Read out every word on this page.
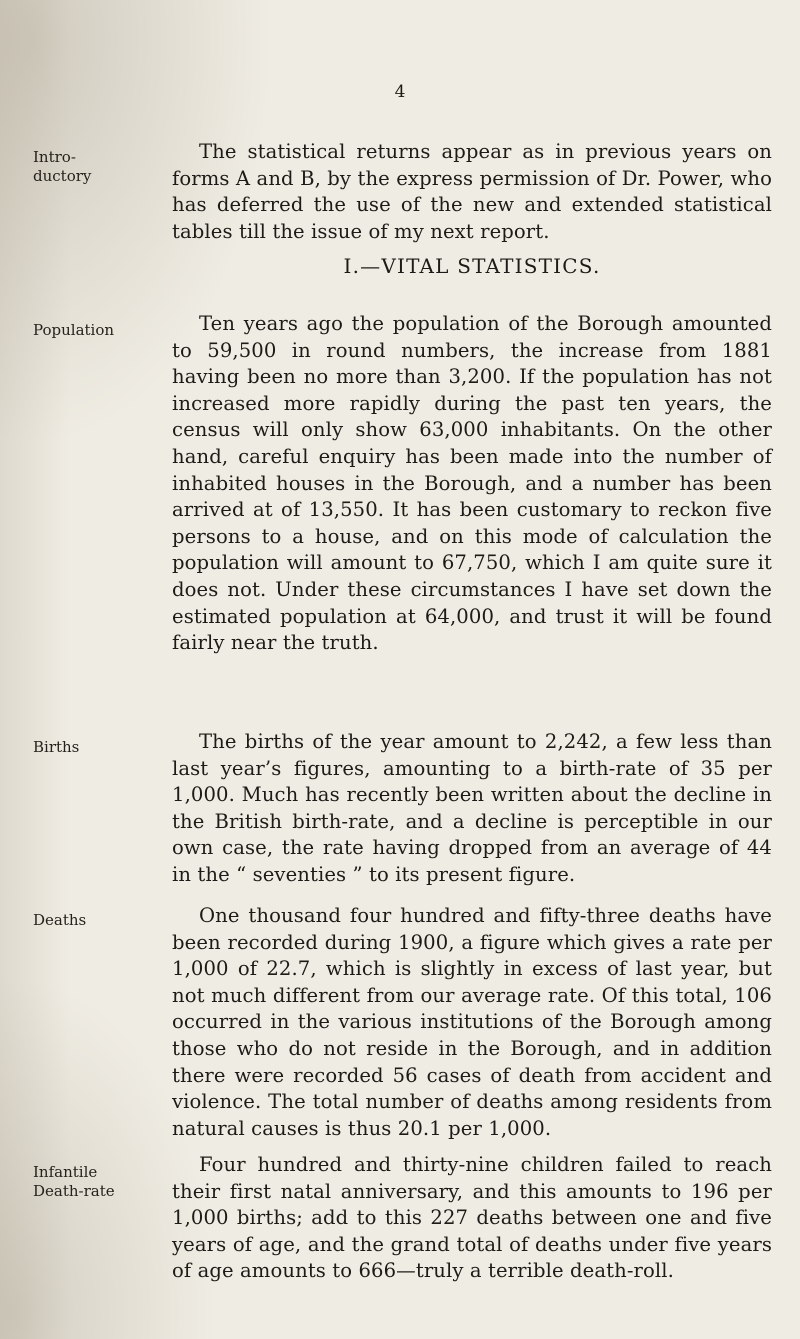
4
Intro-
ductory
Population
Births
Deaths
Infantile
Death-rate

The statistical returns appear as in previous years on forms A and B, by the express permission of Dr. Power, who has deferred the use of the new and extended statistical tables till the issue of my next report.

I.—VITAL STATISTICS.

Ten years ago the population of the Borough amounted to 59,500 in round numbers, the increase from 1881 having been no more than 3,200. If the population has not increased more rapidly during the past ten years, the census will only show 63,000 inhabitants. On the other hand, careful enquiry has been made into the number of inhabited houses in the Borough, and a number has been arrived at of 13,550. It has been customary to reckon five persons to a house, and on this mode of calculation the population will amount to 67,750, which I am quite sure it does not. Under these circumstances I have set down the estimated population at 64,000, and trust it will be found fairly near the truth.

The births of the year amount to 2,242, a few less than last year’s figures, amounting to a birth-rate of 35 per 1,000. Much has recently been written about the decline in the British birth-rate, and a decline is perceptible in our own case, the rate having dropped from an average of 44 in the “ seventies ” to its present figure.

One thousand four hundred and fifty-three deaths have been recorded during 1900, a figure which gives a rate per 1,000 of 22.7, which is slightly in excess of last year, but not much different from our average rate. Of this total, 106 occurred in the various institutions of the Borough among those who do not reside in the Borough, and in addition there were recorded 56 cases of death from accident and violence. The total number of deaths among residents from natural causes is thus 20.1 per 1,000.

Four hundred and thirty-nine children failed to reach their first natal anniversary, and this amounts to 196 per 1,000 births; add to this 227 deaths between one and five years of age, and the grand total of deaths under five years of age amounts to 666—truly a terrible death-roll.
